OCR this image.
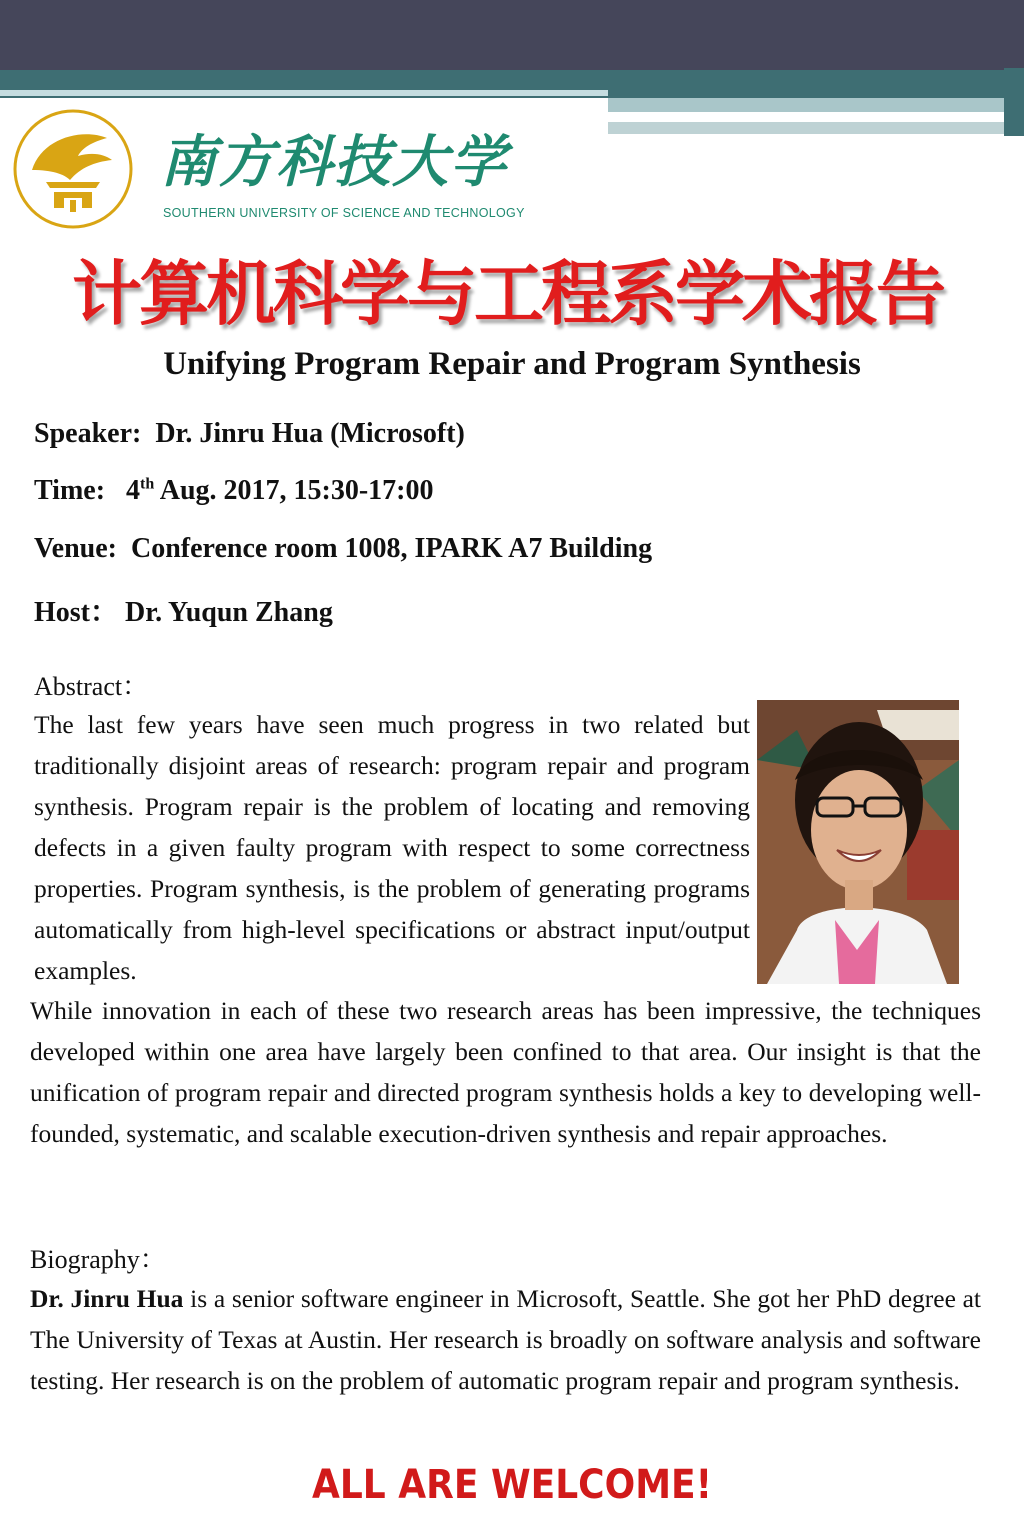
南方科技大学
SOUTHERN UNIVERSITY OF SCIENCE AND TECHNOLOGY
计算机科学与工程系学术报告
Unifying Program Repair and Program Synthesis
Speaker: Dr. Jinru Hua (Microsoft)
Time: 4th Aug. 2017, 15:30-17:00
Venue: Conference room 1008, IPARK A7 Building
Host： Dr. Yuqun Zhang
Abstract：
The last few years have seen much progress in two related but traditionally disjoint areas of research: program repair and program synthesis. Program repair is the problem of locating and removing defects in a given faulty program with respect to some correctness properties. Program synthesis, is the problem of generating programs automatically from high-level specifications or abstract input/output examples.
While innovation in each of these two research areas has been impressive, the techniques developed within one area have largely been confined to that area. Our insight is that the unification of program repair and directed program synthesis holds a key to developing well-founded, systematic, and scalable execution-driven synthesis and repair approaches.
Biography：
Dr. Jinru Hua is a senior software engineer in Microsoft, Seattle. She got her PhD degree at The University of Texas at Austin. Her research is broadly on software analysis and software testing. Her research is on the problem of automatic program repair and program synthesis.
ALL ARE WELCOME!
